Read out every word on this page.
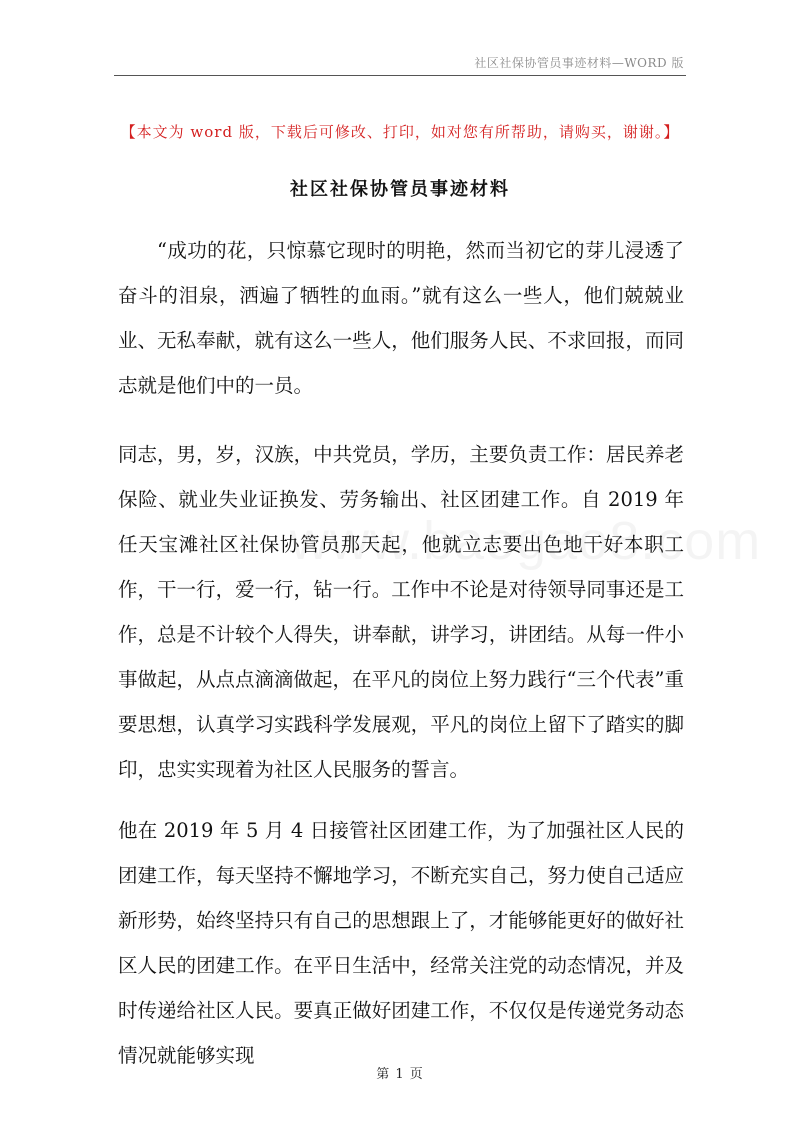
社区社保协管员事迹材料—WORD 版
【本文为 word 版，下载后可修改、打印，如对您有所帮助，请购买，谢谢。】
社区社保协管员事迹材料

“成功的花，只惊慕它现时的明艳，然而当初它的芽儿浸透了奋斗的泪泉，洒遍了牺牲的血雨。”就有这么一些人，他们兢兢业业、无私奉献，就有这么一些人，他们服务人民、不求回报，而同志就是他们中的一员。

同志，男，岁，汉族，中共党员，学历，主要负责工作：居民养老保险、就业失业证换发、劳务输出、社区团建工作。自 2019 年任天宝滩社区社保协管员那天起，他就立志要出色地干好本职工作，干一行，爱一行，钻一行。工作中不论是对待领导同事还是工作，总是不计较个人得失，讲奉献，讲学习，讲团结。从每一件小事做起，从点点滴滴做起，在平凡的岗位上努力践行“三个代表”重要思想，认真学习实践科学发展观，平凡的岗位上留下了踏实的脚印，忠实实现着为社区人民服务的誓言。

他在 2019 年 5 月 4 日接管社区团建工作，为了加强社区人民的团建工作，每天坚持不懈地学习，不断充实自己，努力使自己适应新形势，始终坚持只有自己的思想跟上了，才能够能更好的做好社区人民的团建工作。在平日生活中，经常关注党的动态情况，并及时传递给社区人民。要真正做好团建工作，不仅仅是传递党务动态情况就能够实现

第 1 页
